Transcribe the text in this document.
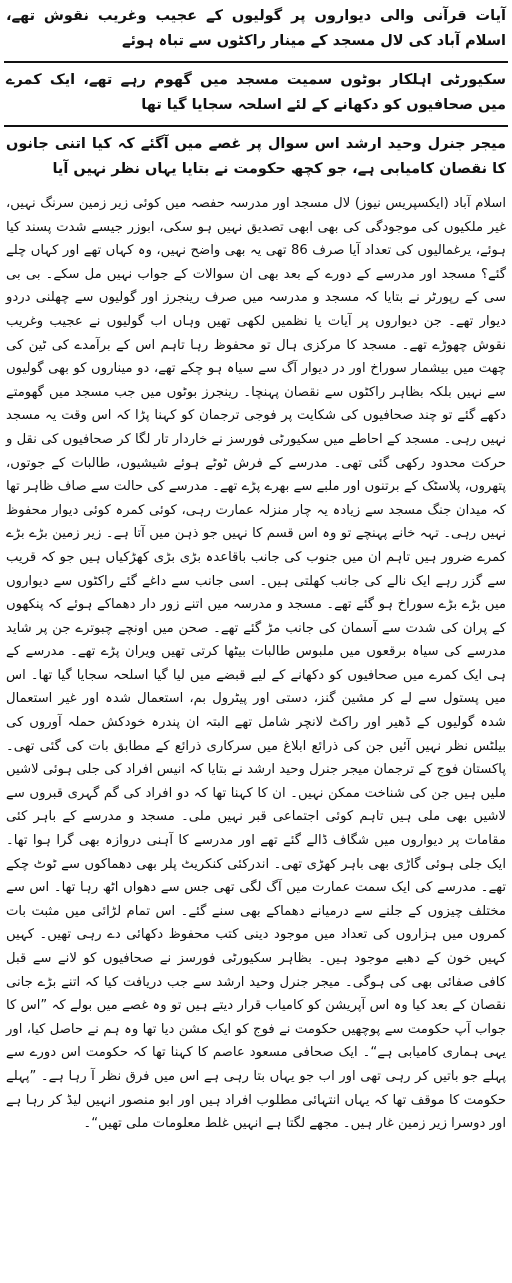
آیات قرآنی والی دیواروں پر گولیوں کے عجیب وغریب نقوش تھے، اسلام آباد کی لال مسجد کے مینار راکٹوں سے تباہ ہوئے

سکیورٹی اہلکار بوٹوں سمیت مسجد میں گھوم رہے تھے، ایک کمرے میں صحافیوں کو دکھانے کے لئے اسلحہ سجایا گیا تھا

میجر جنرل وحید ارشد اس سوال پر غصے میں آگئے کہ کیا اتنی جانوں کا نقصان کامیابی ہے، جو کچھ حکومت نے بتایا یہاں نظر نہیں آیا

اسلام آباد (ایکسپریس نیوز) لال مسجد اور مدرسہ حفصہ میں کوئی زیر زمین سرنگ نہیں، غیر ملکیوں کی موجودگی کی بھی ابھی تصدیق نہیں ہو سکی، ابوزر جیسے شدت پسند کیا ہوئے، یرغمالیوں کی تعداد آیا صرف 86 تھی یہ بھی واضح نہیں، وہ کہاں تھے اور کہاں چلے گئے؟ مسجد اور مدرسے کے دورے کے بعد بھی ان سوالات کے جواب نہیں مل سکے۔ بی بی سی کے رپورٹر نے بتایا کہ مسجد و مدرسہ میں صرف رینجرز اور گولیوں سے چھلنی دردو دیوار تھے۔ جن دیواروں پر آیات یا نظمیں لکھی تھیں وہاں اب گولیوں نے عجیب وغریب نقوش چھوڑے تھے۔ مسجد کا مرکزی ہال تو محفوظ رہا تاہم اس کے برآمدے کی ٹین کی چھت میں بیشمار سوراخ اور در دیوار آگ سے سیاہ ہو چکے تھے، دو میناروں کو بھی گولیوں سے نہیں بلکہ بظاہر راکٹوں سے نقصان پہنچا۔ رینجرز بوٹوں میں جب مسجد میں گھومتے دکھے گئے تو چند صحافیوں کی شکایت پر فوجی ترجمان کو کہنا پڑا کہ اس وقت یہ مسجد نہیں رہی۔ مسجد کے احاطے میں سکیورٹی فورسز نے خاردار تار لگا کر صحافیوں کی نقل و حرکت محدود رکھی گئی تھی۔ مدرسے کے فرش ٹوٹے ہوئے شیشیوں، طالبات کے جوتوں، پتھروں، پلاسٹک کے برتنوں اور ملبے سے بھرے پڑے تھے۔ مدرسے کی حالت سے صاف ظاہر تھا کہ میدان جنگ مسجد سے زیادہ یہ چار منزلہ عمارت رہی، کوئی کمرہ کوئی دیوار محفوظ نہیں رہی۔ تہہ خانے پہنچے تو وہ اس قسم کا نہیں جو ذہن میں آتا ہے۔ زیر زمین بڑے بڑے کمرے ضرور ہیں تاہم ان میں جنوب کی جانب باقاعدہ بڑی بڑی کھڑکیاں ہیں جو کہ قریب سے گزر رہے ایک نالے کی جانب کھلتی ہیں۔ اسی جانب سے داغے گئے راکٹوں سے دیواروں میں بڑے بڑے سوراخ ہو گئے تھے۔ مسجد و مدرسہ میں اتنے زور دار دھماکے ہوئے کہ پنکھوں کے پران کی شدت سے آسمان کی جانب مڑ گئے تھے۔ صحن میں اونچے چبوترے جن پر شاید مدرسے کی سیاہ برقعوں میں ملبوس طالبات بیٹھا کرتی تھیں ویران پڑے تھے۔ مدرسے کے ہی ایک کمرے میں صحافیوں کو دکھانے کے لیے قبضے میں لیا گیا اسلحہ سجایا گیا تھا۔ اس میں پستول سے لے کر مشین گنز، دستی اور پیٹرول بم، استعمال شدہ اور غیر استعمال شدہ گولیوں کے ڈھیر اور راکٹ لانچر شامل تھے البتہ ان پندرہ خودکش حملہ آوروں کی بیلٹس نظر نہیں آئیں جن کی ذرائع ابلاغ میں سرکاری ذرائع کے مطابق بات کی گئی تھی۔ پاکستان فوج کے ترجمان میجر جنرل وحید ارشد نے بتایا کہ انیس افراد کی جلی ہوئی لاشیں ملیں ہیں جن کی شناخت ممکن نہیں۔ ان کا کہنا تھا کہ دو افراد کی گم گہری قبروں سے لاشیں بھی ملی ہیں تاہم کوئی اجتماعی قبر نہیں ملی۔ مسجد و مدرسے کے باہر کئی مقامات پر دیواروں میں شگاف ڈالے گئے تھے اور مدرسے کا آہنی دروازہ بھی گرا ہوا تھا۔ ایک جلی ہوئی گاڑی بھی باہر کھڑی تھی۔ اندرکئی کنکریٹ پلر بھی دھماکوں سے ٹوٹ چکے تھے۔ مدرسے کی ایک سمت عمارت میں آگ لگی تھی جس سے دھواں اٹھ رہا تھا۔ اس سے مختلف چیزوں کے جلنے سے درمیانے دھماکے بھی سنے گئے۔ اس تمام لڑائی میں مثبت بات کمروں میں ہزاروں کی تعداد میں موجود دینی کتب محفوظ دکھائی دے رہی تھیں۔ کہیں کہیں خون کے دھبے موجود ہیں۔ بظاہر سکیورٹی فورسز نے صحافیوں کو لانے سے قبل کافی صفائی بھی کی ہوگی۔ میجر جنرل وحید ارشد سے جب دریافت کیا کہ اتنے بڑے جانی نقصان کے بعد کیا وہ اس آپریشن کو کامیاب قرار دیتے ہیں تو وہ غصے میں بولے کہ ”اس کا جواب آپ حکومت سے پوچھیں حکومت نے فوج کو ایک مشن دیا تھا وہ ہم نے حاصل کیا، اور یہی ہماری کامیابی ہے“۔ ایک صحافی مسعود عاصم کا کہنا تھا کہ حکومت اس دورے سے پہلے جو باتیں کر رہی تھی اور اب جو یہاں بتا رہی ہے اس میں فرق نظر آ رہا ہے۔ ”پہلے حکومت کا موقف تھا کہ یہاں انتہائی مطلوب افراد ہیں اور ابو منصور انہیں لیڈ کر رہا ہے اور دوسرا زیر زمین غار ہیں۔ مجھے لگتا ہے انہیں غلط معلومات ملی تھیں“۔
